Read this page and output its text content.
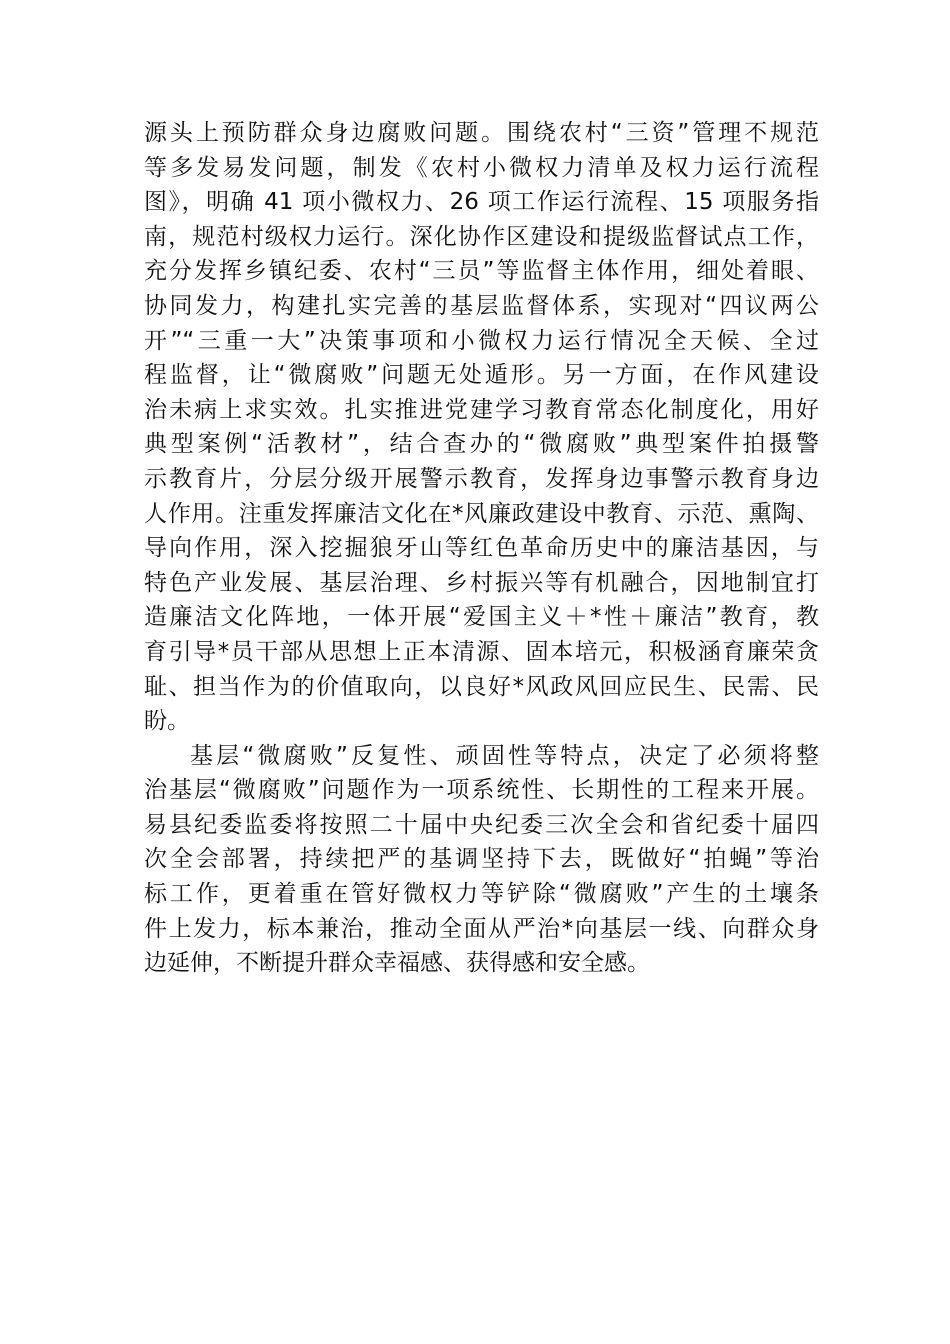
源头上预防群众身边腐败问题。围绕农村“三资”管理不规范
等多发易发问题，制发《农村小微权力清单及权力运行流程
图》，明确 41 项小微权力、26 项工作运行流程、15 项服务指
南，规范村级权力运行。深化协作区建设和提级监督试点工作，
充分发挥乡镇纪委、农村“三员”等监督主体作用，细处着眼、
协同发力，构建扎实完善的基层监督体系，实现对“四议两公
开”“三重一大”决策事项和小微权力运行情况全天候、全过
程监督，让“微腐败”问题无处遁形。另一方面，在作风建设
治未病上求实效。扎实推进党建学习教育常态化制度化，用好
典型案例“活教材”，结合查办的“微腐败”典型案件拍摄警
示教育片，分层分级开展警示教育，发挥身边事警示教育身边
人作用。注重发挥廉洁文化在*风廉政建设中教育、示范、熏陶、
导向作用，深入挖掘狼牙山等红色革命历史中的廉洁基因，与
特色产业发展、基层治理、乡村振兴等有机融合，因地制宜打
造廉洁文化阵地，一体开展“爱国主义＋*性＋廉洁”教育，教
育引导*员干部从思想上正本清源、固本培元，积极涵育廉荣贪
耻、担当作为的价值取向，以良好*风政风回应民生、民需、民
盼。
基层“微腐败”反复性、顽固性等特点，决定了必须将整
治基层“微腐败”问题作为一项系统性、长期性的工程来开展。
易县纪委监委将按照二十届中央纪委三次全会和省纪委十届四
次全会部署，持续把严的基调坚持下去，既做好“拍蝇”等治
标工作，更着重在管好微权力等铲除“微腐败”产生的土壤条
件上发力，标本兼治，推动全面从严治*向基层一线、向群众身
边延伸，不断提升群众幸福感、获得感和安全感。
